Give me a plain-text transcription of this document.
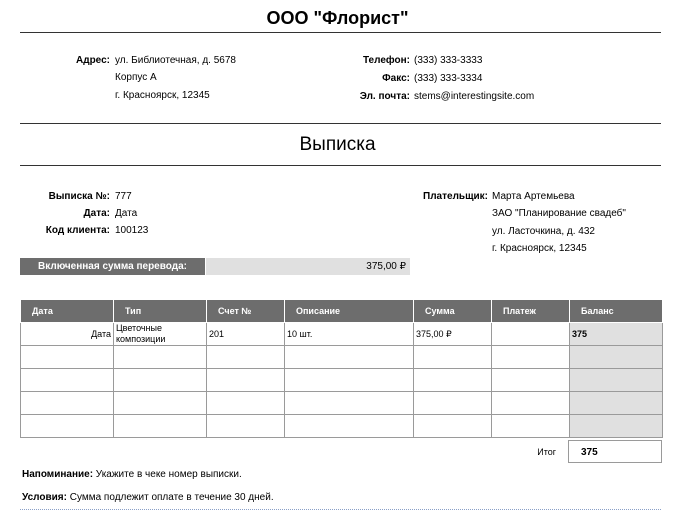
ООО "Флорист"
Адрес: ул. Библиотечная, д. 5678
Корпус A
г. Красноярск, 12345
Телефон: (333) 333-3333
Факс: (333) 333-3334
Эл. почта: stems@interestingsite.com
Выписка
Выписка №: 777
Дата: Дата
Код клиента: 100123
Плательщик: Марта Артемьева
ЗАО "Планирование свадеб"
ул. Ласточкина, д. 432
г. Красноярск, 12345
Включенная сумма перевода:	375,00 ₽
Дата	Тип	Счет №	Описание	Сумма	Платеж	Баланс
Дата	Цветочные композиции	201	10 шт.	375,00 ₽		375

Итог	375
Напоминание: Укажите в чеке номер выписки.
Условия: Сумма подлежит оплате в течение 30 дней.
